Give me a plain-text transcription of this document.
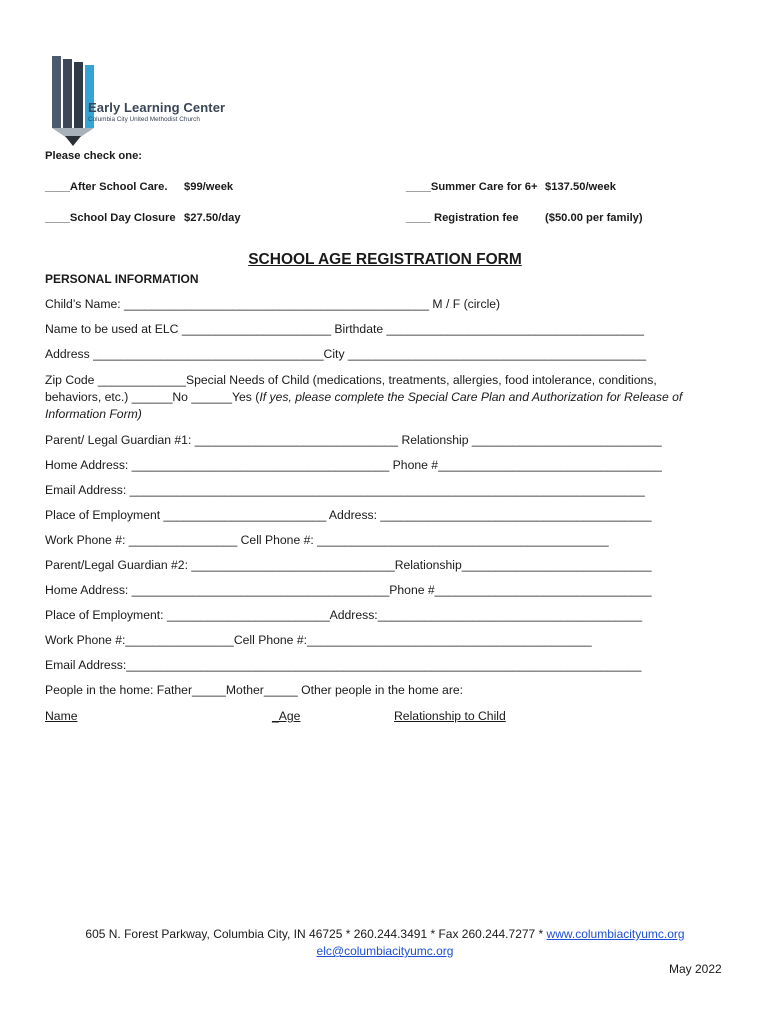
Early Learning Center
Columbia City United Methodist Church
Please check one:
____After School Care. $99/week	____Summer Care for 6+ $137.50/week
____School Day Closure $27.50/day	____ Registration fee ($50.00 per family)
SCHOOL AGE REGISTRATION FORM
PERSONAL INFORMATION
Child’s Name: _____________________________________________ M / F (circle)
Name to be used at ELC ______________________ Birthdate ______________________________________
Address __________________________________City ____________________________________________
Zip Code _____________Special Needs of Child (medications, treatments, allergies, food intolerance, conditions,
behaviors, etc.) ______No ______Yes (If yes, please complete the Special Care Plan and Authorization for Release of
Information Form)
Parent/ Legal Guardian #1: ______________________________ Relationship ____________________________
Home Address: ______________________________________ Phone #_________________________________
Email Address: ____________________________________________________________________________
Place of Employment ________________________ Address: ________________________________________
Work Phone #: ________________ Cell Phone #: ___________________________________________
Parent/Legal Guardian #2: ______________________________Relationship____________________________
Home Address: ______________________________________Phone #________________________________
Place of Employment: ________________________Address:_______________________________________
Work Phone #:________________Cell Phone #:__________________________________________
Email Address:____________________________________________________________________________
People in the home: Father_____Mother_____ Other people in the home are:
Name	_Age	Relationship to Child
605 N. Forest Parkway, Columbia City, IN 46725 * 260.244.3491 * Fax 260.244.7277 * www.columbiacityumc.org
elc@columbiacityumc.org
May 2022
